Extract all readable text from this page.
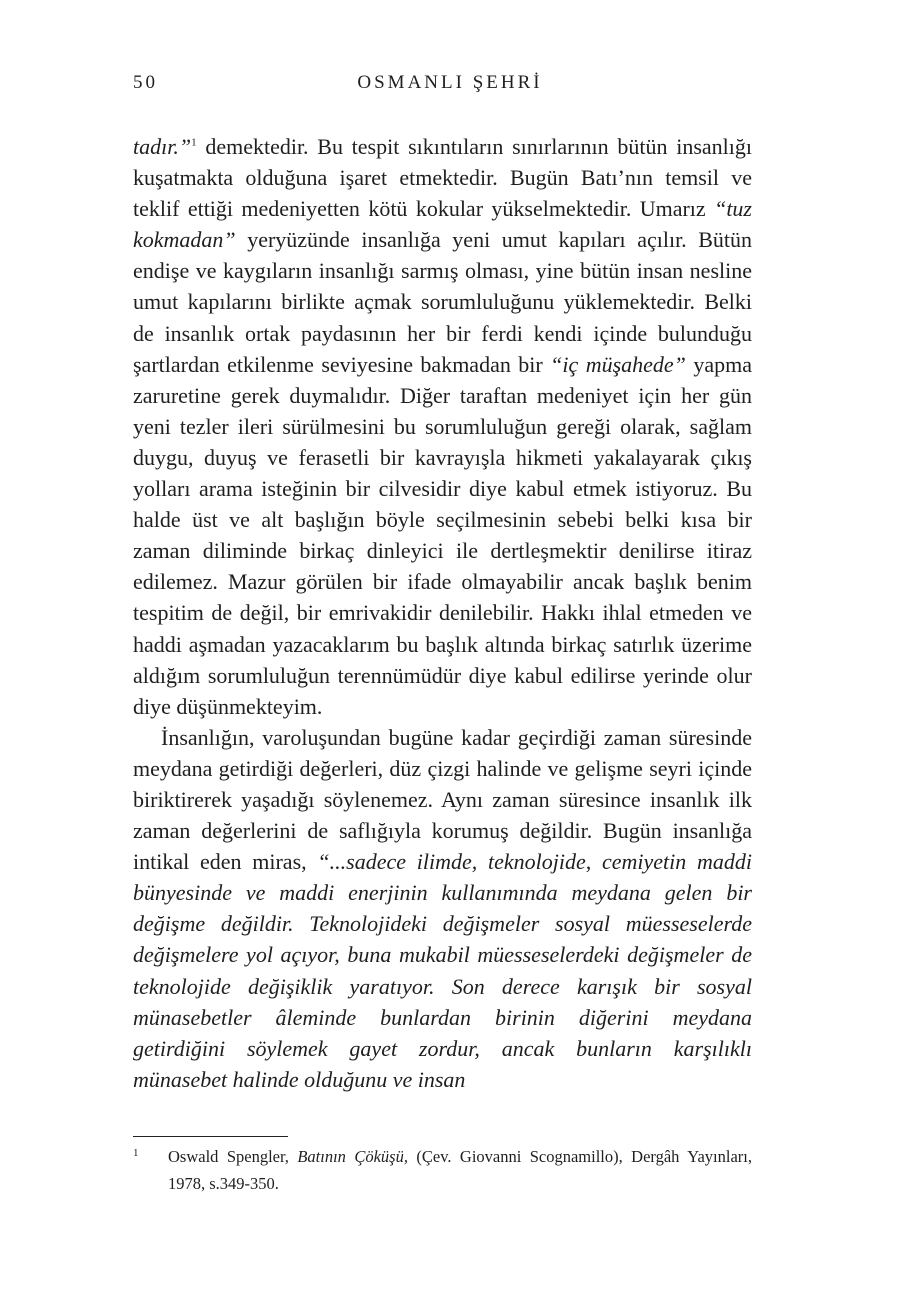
50	OSMANLI ŞEHRİ

tadır.”$^1$ demektedir. Bu tespit sıkıntıların sınırlarının bütün insanlığı kuşatmakta olduğuna işaret etmektedir. Bugün Batı’nın temsil ve teklif ettiği medeniyetten kötü kokular yükselmektedir. Umarız “tuz kokmadan” yeryüzünde insanlığa yeni umut kapıları açılır. Bütün endişe ve kaygıların insanlığı sarmış olması, yine bütün insan nesline umut kapılarını birlikte açmak sorumluluğunu yüklemektedir. Belki de insanlık ortak paydasının her bir ferdi kendi içinde bulunduğu şartlardan etkilenme seviyesine bakmadan bir “iç müşahede” yapma zaruretine gerek duymalıdır. Diğer taraftan medeniyet için her gün yeni tezler ileri sürülmesini bu sorumluluğun gereği olarak, sağlam duygu, duyuş ve ferasetli bir kavrayışla hikmeti yakalayarak çıkış yolları arama isteğinin bir cilvesidir diye kabul etmek istiyoruz. Bu halde üst ve alt başlığın böyle seçilmesinin sebebi belki kısa bir zaman diliminde birkaç dinleyici ile dertleşmektir denilirse itiraz edilemez. Mazur görülen bir ifade olmayabilir ancak başlık benim tespitim de değil, bir emrivakidir denilebilir. Hakkı ihlal etmeden ve haddi aşmadan yazacaklarım bu başlık altında birkaç satırlık üzerime aldığım sorumluluğun terennümüdür diye kabul edilirse yerinde olur diye düşünmekteyim.

İnsanlığın, varoluşundan bugüne kadar geçirdiği zaman süresinde meydana getirdiği değerleri, düz çizgi halinde ve gelişme seyri içinde biriktirerek yaşadığı söylenemez. Aynı zaman süresince insanlık ilk zaman değerlerini de saflığıyla korumuş değildir. Bugün insanlığa intikal eden miras, “...sadece ilimde, teknolojide, cemiyetin maddi bünyesinde ve maddi enerjinin kullanımında meydana gelen bir değişme değildir. Teknolojideki değişmeler sosyal müesseselerde değişmelere yol açıyor, buna mukabil müesseselerdeki değişmeler de teknolojide değişiklik yaratıyor. Son derece karışık bir sosyal münasebetler âleminde bunlardan birinin diğerini meydana getirdiğini söylemek gayet zordur, ancak bunların karşılıklı münasebet halinde olduğunu ve insan

1 Oswald Spengler, Batının Çöküşü, (Çev. Giovanni Scognamillo), Dergâh Yayınları, 1978, s.349-350.
